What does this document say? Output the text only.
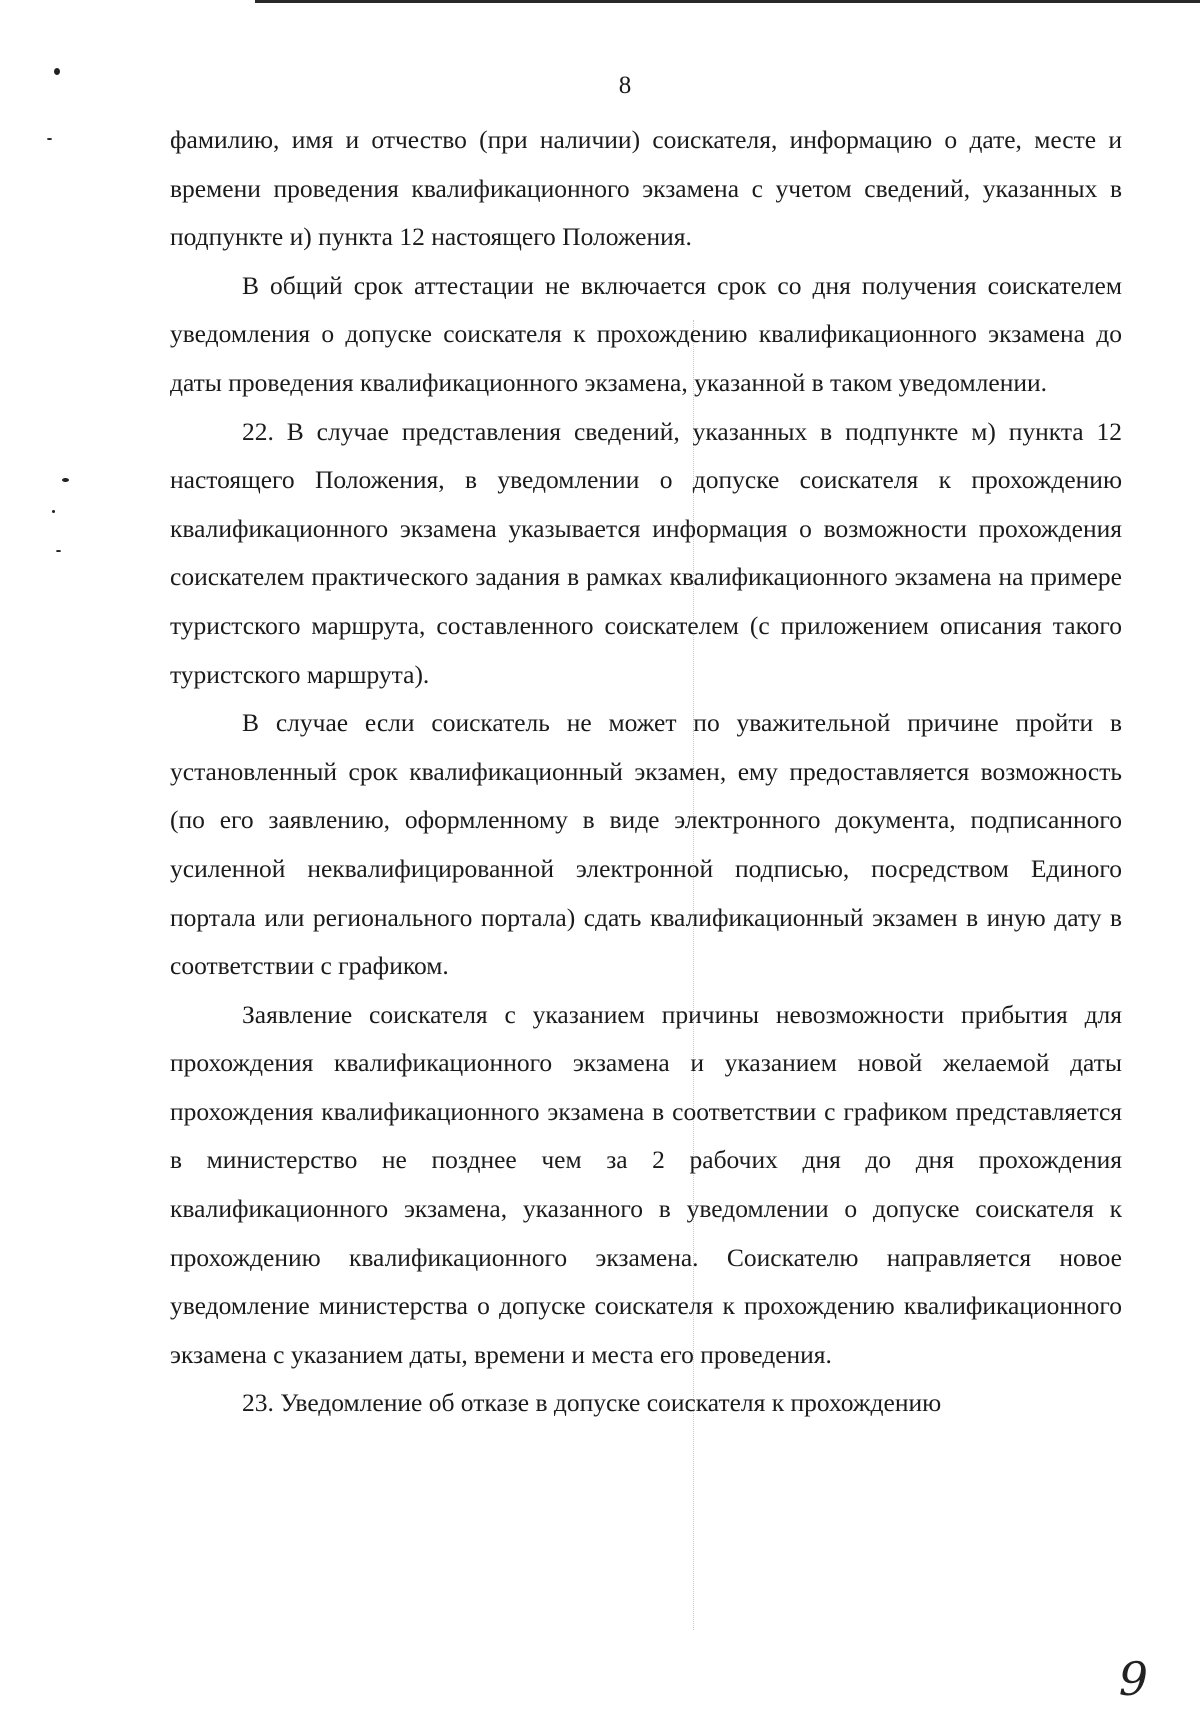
8

фамилию, имя и отчество (при наличии) соискателя, информацию о дате, месте и времени проведения квалификационного экзамена с учетом сведений, указанных в подпункте и) пункта 12 настоящего Положения.

В общий срок аттестации не включается срок со дня получения соискателем уведомления о допуске соискателя к прохождению квалификационного экзамена до даты проведения квалификационного экзамена, указанной в таком уведомлении.

22. В случае представления сведений, указанных в подпункте м) пункта 12 настоящего Положения, в уведомлении о допуске соискателя к прохождению квалификационного экзамена указывается информация о возможности прохождения соискателем практического задания в рамках квалификационного экзамена на примере туристского маршрута, составленного соискателем (с приложением описания такого туристского маршрута).

В случае если соискатель не может по уважительной причине пройти в установленный срок квалификационный экзамен, ему предоставляется возможность (по его заявлению, оформленному в виде электронного документа, подписанного усиленной неквалифицированной электронной подписью, посредством Единого портала или регионального портала) сдать квалификационный экзамен в иную дату в соответствии с графиком.

Заявление соискателя с указанием причины невозможности прибытия для прохождения квалификационного экзамена и указанием новой желаемой даты прохождения квалификационного экзамена в соответствии с графиком представляется в министерство не позднее чем за 2 рабочих дня до дня прохождения квалификационного экзамена, указанного в уведомлении о допуске соискателя к прохождению квалификационного экзамена. Соискателю направляется новое уведомление министерства о допуске соискателя к прохождению квалификационного экзамена с указанием даты, времени и места его проведения.

23. Уведомление об отказе в допуске соискателя к прохождению

9
